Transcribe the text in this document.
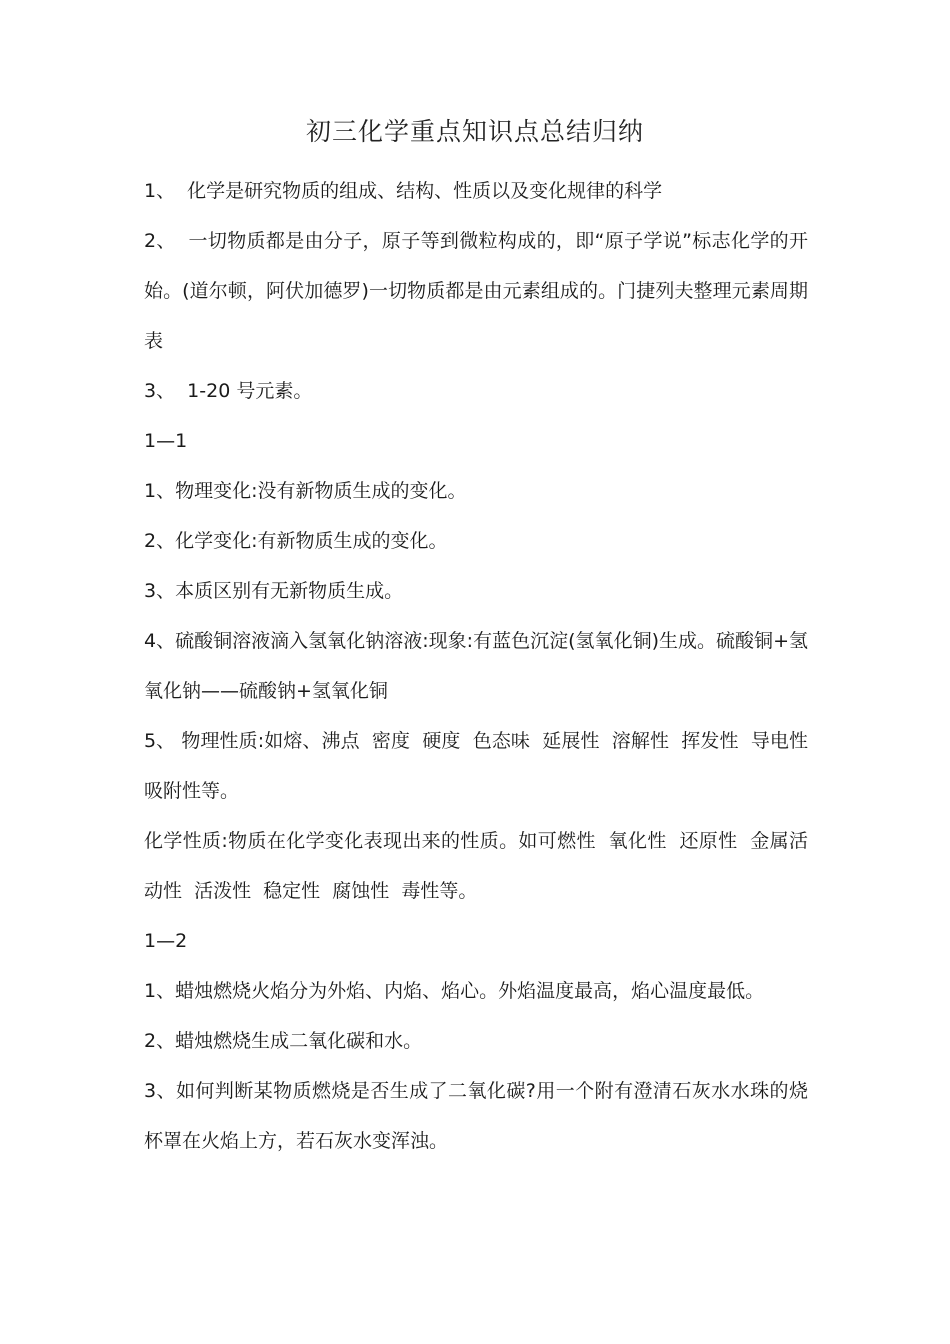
初三化学重点知识点总结归纳

1、  化学是研究物质的组成、结构、性质以及变化规律的科学

2、  一切物质都是由分子，原子等到微粒构成的，即“原子学说”标志化学的开始。(道尔顿，阿伏加德罗)一切物质都是由元素组成的。门捷列夫整理元素周期表

3、  1-20 号元素。

1—1

1、物理变化:没有新物质生成的变化。

2、化学变化:有新物质生成的变化。

3、本质区别有无新物质生成。

4、硫酸铜溶液滴入氢氧化钠溶液:现象:有蓝色沉淀(氢氧化铜)生成。硫酸铜+氢氧化钠——硫酸钠+氢氧化铜

5、 物理性质:如熔、沸点  密度  硬度  色态味  延展性  溶解性  挥发性  导电性  吸附性等。

化学性质:物质在化学变化表现出来的性质。如可燃性  氧化性  还原性  金属活动性  活泼性  稳定性  腐蚀性  毒性等。

1—2

1、蜡烛燃烧火焰分为外焰、内焰、焰心。外焰温度最高，焰心温度最低。

2、蜡烛燃烧生成二氧化碳和水。

3、如何判断某物质燃烧是否生成了二氧化碳?用一个附有澄清石灰水水珠的烧杯罩在火焰上方，若石灰水变浑浊。
